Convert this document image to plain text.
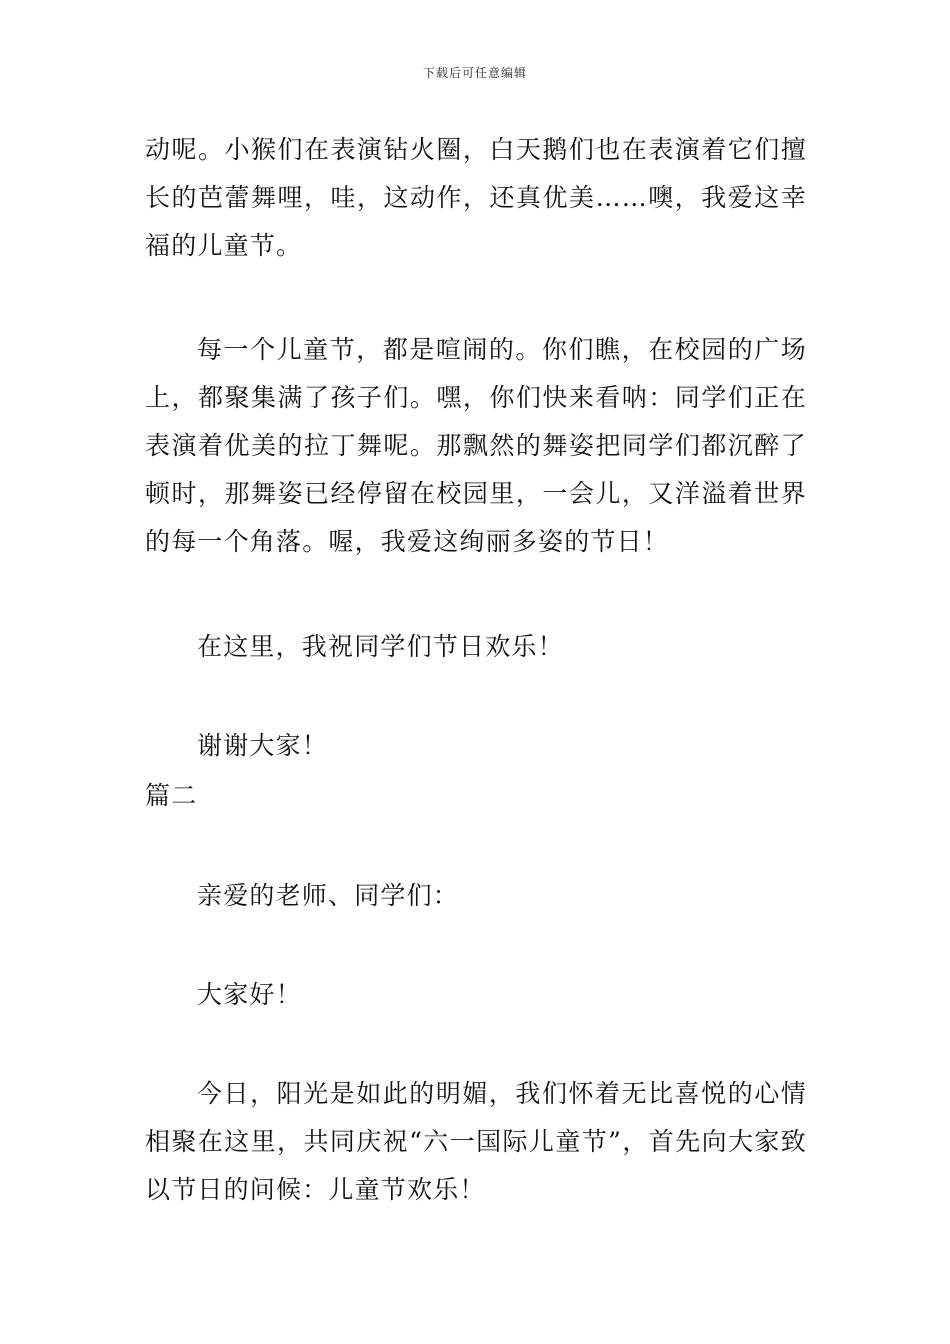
下载后可任意编辑

动呢。小猴们在表演钻火圈，白天鹅们也在表演着它们擅长的芭蕾舞哩，哇，这动作，还真优美……噢，我爱这幸福的儿童节。

每一个儿童节，都是喧闹的。你们瞧，在校园的广场上，都聚集满了孩子们。嘿，你们快来看呐：同学们正在表演着优美的拉丁舞呢。那飘然的舞姿把同学们都沉醉了顿时，那舞姿已经停留在校园里，一会儿，又洋溢着世界的每一个角落。喔，我爱这绚丽多姿的节日！

在这里，我祝同学们节日欢乐！

谢谢大家！

篇二

亲爱的老师、同学们：

大家好！

今日，阳光是如此的明媚，我们怀着无比喜悦的心情相聚在这里，共同庆祝“六一国际儿童节”，首先向大家致以节日的问候：儿童节欢乐！
